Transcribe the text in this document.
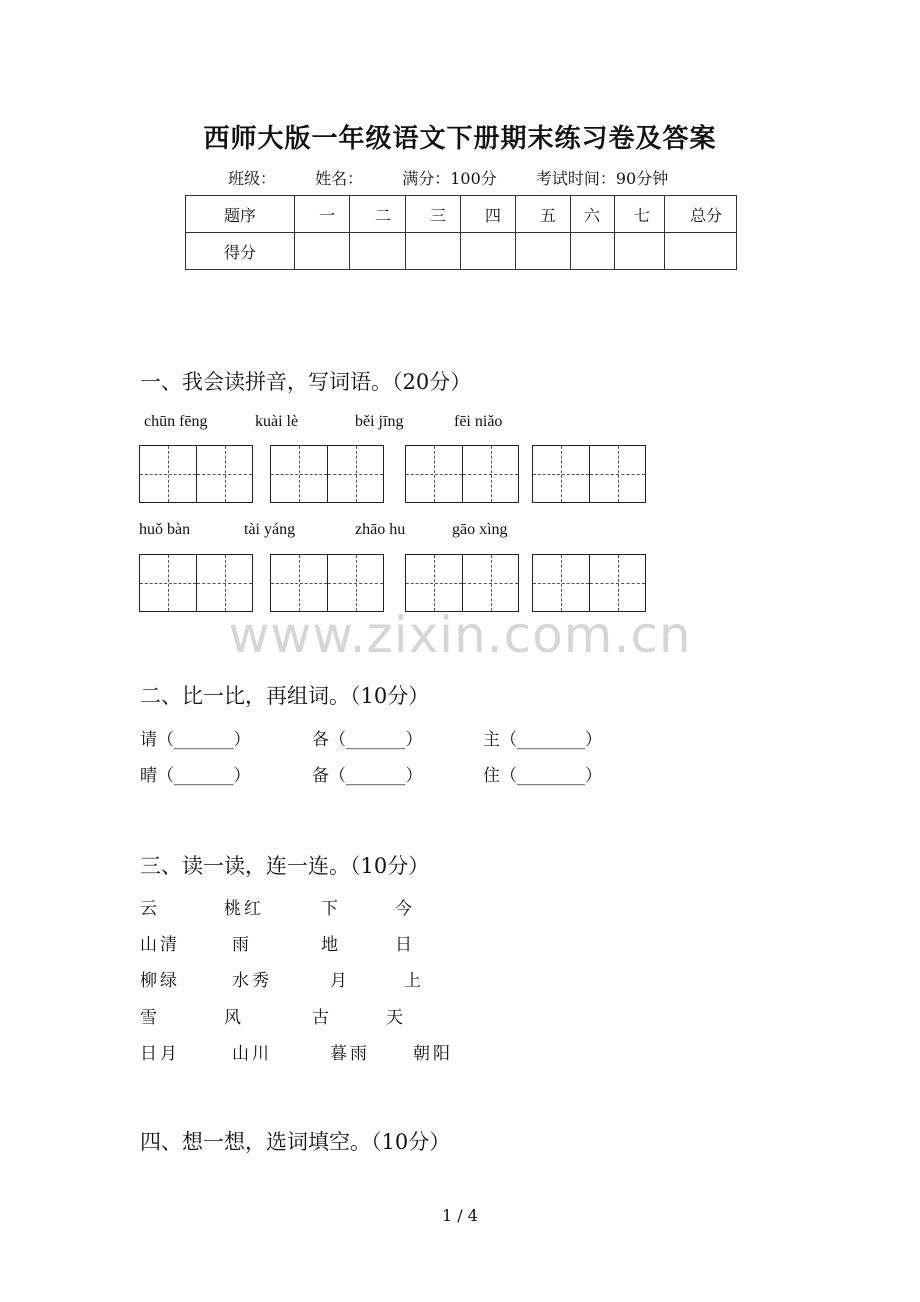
西师大版一年级语文下册期末练习卷及答案
班级： 姓名： 满分：100分 考试时间：90分钟
题序	一	二	三	四	五	六	七	总分
得分								
一、我会读拼音，写词语。（20分）
chūn fēng	kuài lè	běi jīng	fēi niǎo
huǒ bàn	tài yáng	zhāo hu	gāo xìng
www.zixin.com.cn
二、比一比，再组词。（10分）
请（_______）	各（_______）	主（________）
晴（_______）	备（_______）	住（________）
三、读一读，连一连。（10分）
云	桃红	下	今
山清	雨	地	日
柳绿	水秀	月	上
雪	风	古	天
日月	山川	暮雨	朝阳
四、想一想，选词填空。（10分）
1 / 4
